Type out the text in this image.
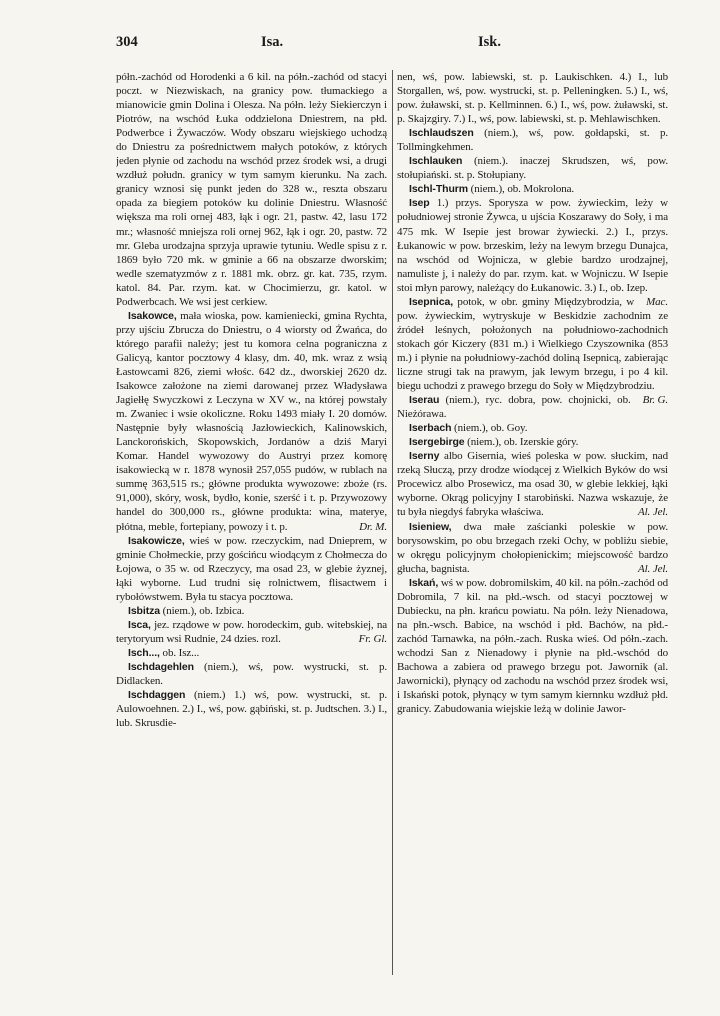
304	Isa.	Isk.

półn.-zachód od Horodenki a 6 kil. na półn.-zachód od stacyi poczt. w Niezwiskach, na granicy pow. tłumackiego a mianowicie gmin Dolina i Olesza. Na półn. leży Siekierczyn i Piotrów, na wschód Łuka oddzielona Dniestrem, na płd. Podwerbce i Żywaczów. Wody obszaru wiejskiego uchodzą do Dniestru za pośrednictwem małych potoków, z których jeden płynie od zachodu na wschód przez środek wsi, a drugi wzdłuż połudn. granicy w tym samym kierunku. Na zach. granicy wznosi się punkt jeden do 328 w., reszta obszaru opada za biegiem potoków ku dolinie Dniestru. Własność większa ma roli ornej 483, łąk i ogr. 21, pastw. 42, lasu 172 mr.; własność mniejsza roli ornej 962, łąk i ogr. 20, pastw. 72 mr. Gleba urodzajna sprzyja uprawie tytuniu. Wedle spisu z r. 1869 było 720 mk. w gminie a 66 na obszarze dworskim; wedle szematyzmów z r. 1881 mk. obrz. gr. kat. 735, rzym. katol. 84. Par. rzym. kat. w Chocimierzu, gr. katol. w Podwerbcach. We wsi jest cerkiew.

Isakowce, mała wioska, pow. kamieniecki, gmina Rychta, przy ujściu Zbrucza do Dniestru, o 4 wiorsty od Żwańca, do którego parafii należy; jest tu komora celna pograniczna z Galicyą, kantor pocztowy 4 klasy, dm. 40, mk. wraz z wsią Łastowcami 826, ziemi włośc. 642 dz., dworskiej 2620 dz. Isakowce założone na ziemi darowanej przez Władysława Jagiełłę Swyczkowi z Leczyna w XV w., na której powstały m. Zwaniec i wsie okoliczne. Roku 1493 miały I. 20 domów. Następnie były własnością Jazłowieckich, Kalinowskich, Lanckorońskich, Skopowskich, Jordanów a dziś Maryi Komar. Handel wywozowy do Austryi przez komorę isakowiecką w r. 1878 wynosił 257,055 pudów, w rublach na summę 363,515 rs.; główne produkta wywozowe: zboże (rs. 91,000), skóry, wosk, bydło, konie, szerść i t. p. Przywozowy handel do 300,000 rs., główne produkta: wina, materye, płótna, meble, fortepiany, powozy i t. p.	Dr. M.

Isakowicze, wieś w pow. rzeczyckim, nad Dnieprem, w gminie Chołmeckie, przy gościńcu wiodącym z Chołmecza do Łojowa, o 35 w. od Rzeczycy, ma osad 23, w glebie żyznej, łąki wyborne. Lud trudni się rolnictwem, flisactwem i rybołówstwem. Była tu stacya pocztowa.

Isbitza (niem.), ob. Izbica.

Isca, jez. rządowe w pow. horodeckim, gub. witebskiej, na terytoryum wsi Rudnie, 24 dzies. rozl.	Fr. Gl.

Isch..., ob. Isz...

Ischdagehlen (niem.), wś, pow. wystrucki, st. p. Didlacken.

Ischdaggen (niem.) 1.) wś, pow. wystrucki, st. p. Aulowoehnen. 2.) I., wś, pow. gąbiński, st. p. Judtschen. 3.) I., lub. Skrusdie-

nen, wś, pow. labiewski, st. p. Laukischken. 4.) I., lub Storgallen, wś, pow. wystrucki, st. p. Pelleningken. 5.) I., wś, pow. żuławski, st. p. Kellminnen. 6.) I., wś, pow. żuławski, st. p. Skajzgiry. 7.) I., wś, pow. labiewski, st. p. Mehlawischken.

Ischlaudszen (niem.), wś, pow. gołdapski, st. p. Tollmingkehmen.

Ischlauken (niem.). inaczej Skrudszen, wś, pow. stołupiański. st. p. Stołupiany.

Ischl-Thurm (niem.), ob. Mokrolona.

Isep 1.) przys. Sporysza w pow. żywieckim, leży w południowej stronie Żywca, u ujścia Koszarawy do Soły, i ma 475 mk. W Isepie jest browar żywiecki. 2.) I., przys. Łukanowic w pow. brzeskim, leży na lewym brzegu Dunajca, na wschód od Wojnicza, w glebie bardzo urodzajnej, namuliste j, i należy do par. rzym. kat. w Wojniczu. W Isepie stoi młyn parowy, należący do Łukanowic. 3.) I., ob. Izep.
Mac.

Isepnica, potok, w obr. gminy Międzybrodzia, w pow. żywieckim, wytryskuje w Beskidzie zachodnim ze źródeł leśnych, położonych na południowo-zachodnich stokach gór Kiczery (831 m.) i Wielkiego Czyszownika (853 m.) i płynie na południowy-zachód doliną Isepnicą, zabierając liczne strugi tak na prawym, jak lewym brzegu, i po 4 kil. biegu uchodzi z prawego brzegu do Soły w Międzybrodziu.
Br. G.

Iserau (niem.), ryc. dobra, pow. chojnicki, ob. Nieżórawa.

Iserbach (niem.), ob. Goy.

Isergebirge (niem.), ob. Izerskie góry.

Iserny albo Gisernia, wieś poleska w pow. słuckim, nad rzeką Słuczą, przy drodze wiodącej z Wielkich Byków do wsi Procewicz albo Prosewicz, ma osad 30, w glebie lekkiej, łąki wyborne. Okrąg policyjny I starobiński. Nazwa wskazuje, że tu była niegdyś fabryka właściwa.	Al. Jel.

Isieniew, dwa małe zaścianki poleskie w pow. borysowskim, po obu brzegach rzeki Ochy, w pobliżu siebie, w okręgu policyjnym chołopienickim; miejscowość bardzo głucha, bagnista.	Al. Jel.

Iskań, wś w pow. dobromilskim, 40 kil. na półn.-zachód od Dobromila, 7 kil. na płd.-wsch. od stacyi pocztowej w Dubiecku, na płn. krańcu powiatu. Na półn. leży Nienadowa, na płn.-wsch. Babice, na wschód i płd. Bachów, na płd.-zachód Tarnawka, na półn.-zach. Ruska wieś. Od półn.-zach. wchodzi San z Nienadowy i płynie na płd.-wschód do Bachowa a zabiera od prawego brzegu pot. Jawornik (al. Jawornicki), płynący od zachodu na wschód przez środek wsi, i Iskański potok, płynący w tym samym kiernnku wzdłuż płd. granicy. Zabudowania wiejskie leżą w dolinie Jawor-
